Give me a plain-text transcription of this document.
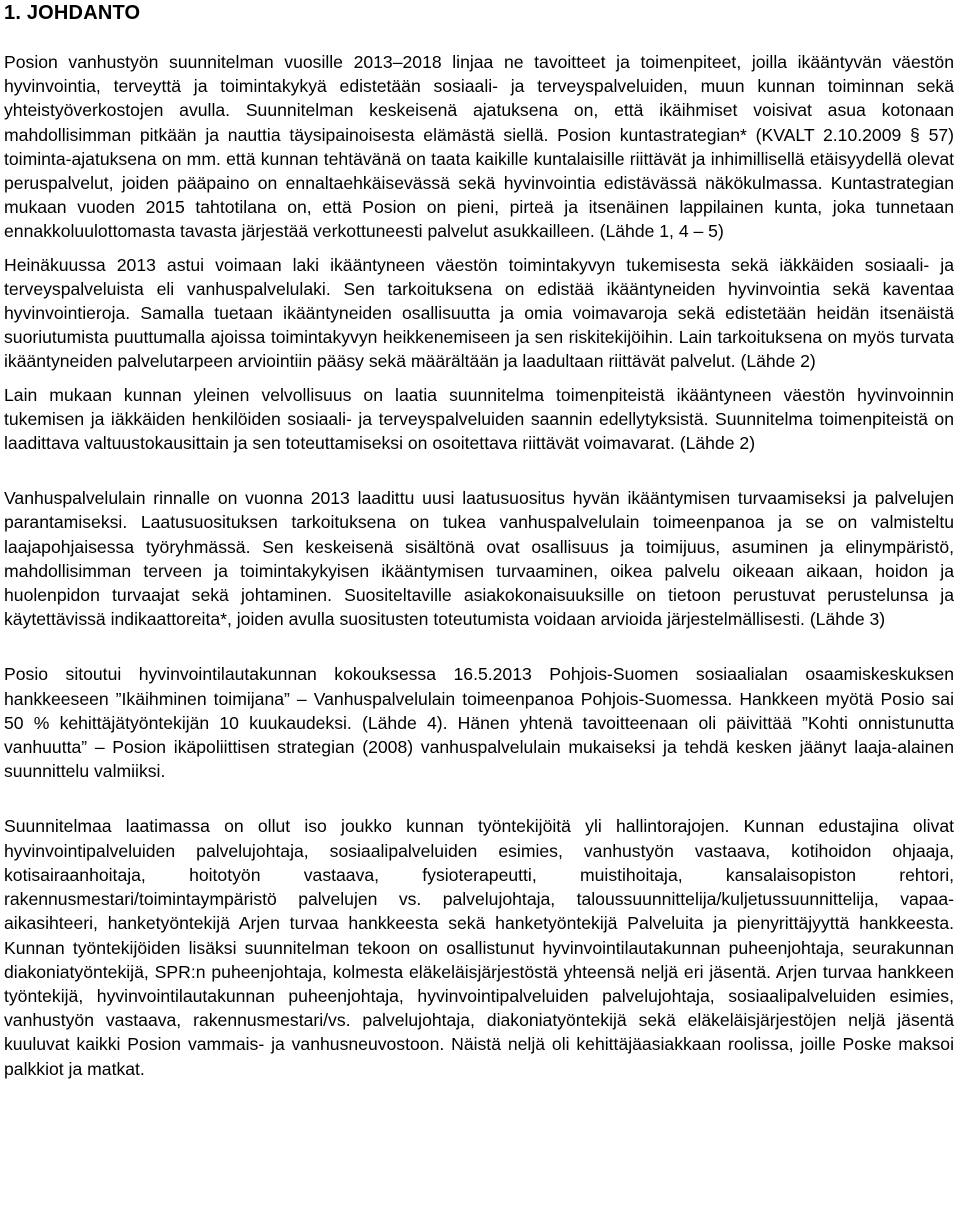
1. JOHDANTO

Posion vanhustyön suunnitelman vuosille 2013–2018 linjaa ne tavoitteet ja toimenpiteet, joilla ikääntyvän väestön hyvinvointia, terveyttä ja toimintakykyä edistetään sosiaali- ja terveyspalveluiden, muun kunnan toiminnan sekä yhteistyöverkostojen avulla. Suunnitelman keskeisenä ajatuksena on, että ikäihmiset voisivat asua kotonaan mahdollisimman pitkään ja nauttia täysipainoisesta elämästä siellä. Posion kuntastrategian* (KVALT 2.10.2009 § 57) toiminta-ajatuksena on mm. että kunnan tehtävänä on taata kaikille kuntalaisille riittävät ja inhimillisellä etäisyydellä olevat peruspalvelut, joiden pääpaino on ennaltaehkäisevässä sekä hyvinvointia edistävässä näkökulmassa. Kuntastrategian mukaan vuoden 2015 tahtotilana on, että Posion on pieni, pirteä ja itsenäinen lappilainen kunta, joka tunnetaan ennakkoluulottomasta tavasta järjestää verkottuneesti palvelut asukkailleen. (Lähde 1, 4 – 5)

Heinäkuussa 2013 astui voimaan laki ikääntyneen väestön toimintakyvyn tukemisesta sekä iäkkäiden sosiaali- ja terveyspalveluista eli vanhuspalvelulaki. Sen tarkoituksena on edistää ikääntyneiden hyvinvointia sekä kaventaa hyvinvointieroja. Samalla tuetaan ikääntyneiden osallisuutta ja omia voimavaroja sekä edistetään heidän itsenäistä suoriutumista puuttumalla ajoissa toimintakyvyn heikkenemiseen ja sen riskitekijöihin. Lain tarkoituksena on myös turvata ikääntyneiden palvelutarpeen arviointiin pääsy sekä määrältään ja laadultaan riittävät palvelut. (Lähde 2)

Lain mukaan kunnan yleinen velvollisuus on laatia suunnitelma toimenpiteistä ikääntyneen väestön hyvinvoinnin tukemisen ja iäkkäiden henkilöiden sosiaali- ja terveyspalveluiden saannin edellytyksistä. Suunnitelma toimenpiteistä on laadittava valtuustokausittain ja sen toteuttamiseksi on osoitettava riittävät voimavarat. (Lähde 2)

Vanhuspalvelulain rinnalle on vuonna 2013 laadittu uusi laatusuositus hyvän ikääntymisen turvaamiseksi ja palvelujen parantamiseksi. Laatusuosituksen tarkoituksena on tukea vanhuspalvelulain toimeenpanoa ja se on valmisteltu laajapohjaisessa työryhmässä. Sen keskeisenä sisältönä ovat osallisuus ja toimijuus, asuminen ja elinympäristö, mahdollisimman terveen ja toimintakykyisen ikääntymisen turvaaminen, oikea palvelu oikeaan aikaan, hoidon ja huolenpidon turvaajat sekä johtaminen. Suositeltaville asiakokonaisuuksille on tietoon perustuvat perustelunsa ja käytettävissä indikaattoreita*, joiden avulla suositusten toteutumista voidaan arvioida järjestelmällisesti. (Lähde 3)

Posio sitoutui hyvinvointilautakunnan kokouksessa 16.5.2013 Pohjois-Suomen sosiaalialan osaamiskeskuksen hankkeeseen ”Ikäihminen toimijana” – Vanhuspalvelulain toimeenpanoa Pohjois-Suomessa. Hankkeen myötä Posio sai 50 % kehittäjätyöntekijän 10 kuukaudeksi. (Lähde 4). Hänen yhtenä tavoitteenaan oli päivittää ”Kohti onnistunutta vanhuutta” – Posion ikäpoliittisen strategian (2008) vanhuspalvelulain mukaiseksi ja tehdä kesken jäänyt laaja-alainen suunnittelu valmiiksi.

Suunnitelmaa laatimassa on ollut iso joukko kunnan työntekijöitä yli hallintorajojen. Kunnan edustajina olivat hyvinvointipalveluiden palvelujohtaja, sosiaalipalveluiden esimies, vanhustyön vastaava, kotihoidon ohjaaja, kotisairaanhoitaja, hoitotyön vastaava, fysioterapeutti, muistihoitaja, kansalaisopiston rehtori, rakennusmestari/toimintaympäristö palvelujen vs. palvelujohtaja, taloussuunnittelija/kuljetussuunnittelija, vapaa-aikasihteeri, hanketyöntekijä Arjen turvaa hankkeesta sekä hanketyöntekijä Palveluita ja pienyrittäjyyttä hankkeesta. Kunnan työntekijöiden lisäksi suunnitelman tekoon on osallistunut hyvinvointilautakunnan puheenjohtaja, seurakunnan diakoniatyöntekijä, SPR:n puheenjohtaja, kolmesta eläkeläisjärjestöstä yhteensä neljä eri jäsentä. Arjen turvaa hankkeen työntekijä, hyvinvointilautakunnan puheenjohtaja, hyvinvointipalveluiden palvelujohtaja, sosiaalipalveluiden esimies, vanhustyön vastaava, rakennusmestari/vs. palvelujohtaja, diakoniatyöntekijä sekä eläkeläisjärjestöjen neljä jäsentä kuuluvat kaikki Posion vammais- ja vanhusneuvostoon. Näistä neljä oli kehittäjäasiakkaan roolissa, joille Poske maksoi palkkiot ja matkat.
